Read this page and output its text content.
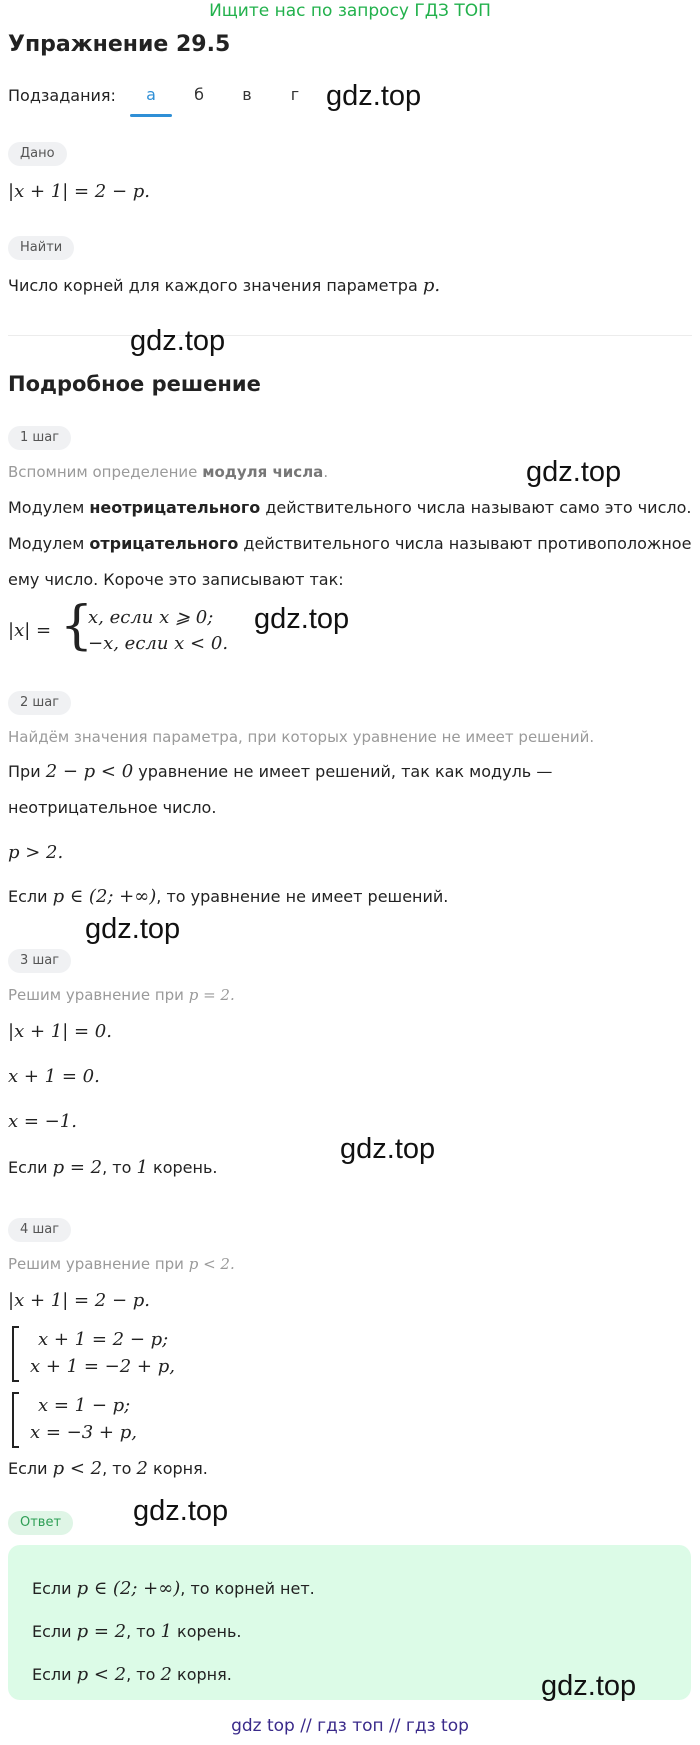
Ищите нас по запросу ГДЗ ТОП
Упражнение 29.5
Подзадания:	а	б	в	г gdz.top
Дано
|x + 1| = 2 − p.
Найти
Число корней для каждого значения параметра p.
gdz.top
Подробное решение
1 шаг
Вспомним определение модуля числа.	gdz.top
Модулем неотрицательного действительного числа называют само это число.
Модулем отрицательного действительного числа называют противоположное
ему число. Короче это записывают так:
|x| = {
x, если x ⩾ 0;
−x, если x < 0.
gdz.top
2 шаг
Найдём значения параметра, при которых уравнение не имеет решений.
При 2 − p < 0 уравнение не имеет решений, так как модуль —
неотрицательное число.
p > 2.
Если p ∈ (2; +∞), то уравнение не имеет решений.
gdz.top
3 шаг
Решим уравнение при p = 2.
|x + 1| = 0.
x + 1 = 0.
x = −1.
gdz.top
Если p = 2, то 1 корень.
4 шаг
Решим уравнение при p < 2.
|x + 1| = 2 − p.
x + 1 = 2 − p;
x + 1 = −2 + p,
x = 1 − p;
x = −3 + p,
Если p < 2, то 2 корня.
Ответ	gdz.top
Если p ∈ (2; +∞), то корней нет.
Если p = 2, то 1 корень.
Если p < 2, то 2 корня.	gdz.top
gdz top // гдз топ // гдз top
